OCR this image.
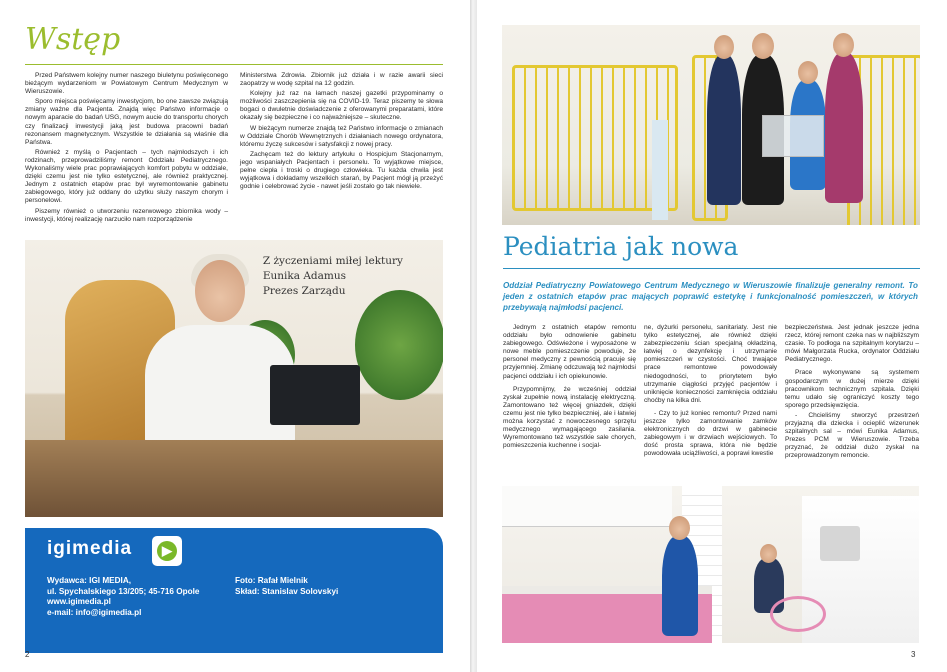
Wstęp

Przed Państwem kolejny numer naszego biuletynu poświęconego bieżącym wydarzeniom w Powiatowym Centrum Medycznym w Wieruszowie.

Sporo miejsca poświęcamy inwestycjom, bo one zawsze związują zmiany ważne dla Pacjenta. Znajdą więc Państwo informacje o nowym aparacie do badań USG, nowym aucie do transportu chorych czy finalizacji inwestycji jaką jest budowa pracowni badań rezonansem magnetycznym. Wszystkie te działania są właśnie dla Państwa.

Również z myślą o Pacjentach – tych najmłodszych i ich rodzinach, przeprowadziliśmy remont Oddziału Pediatrycznego. Wykonaliśmy wiele prac poprawiających komfort pobytu w oddziale, dzięki czemu jest nie tylko estetycznej, ale również praktycznej. Jednym z ostatnich etapów prac był wyremontowanie gabinetu zabiegowego, który już oddany do użytku służy naszym chorym i personelowi.

Piszemy również o utworzeniu rezerwowego zbiornika wody – inwestycji, której realizację narzuciło nam rozporządzenie

Ministerstwa Zdrowia. Zbiornik już działa i w razie awarii sieci zaopatrzy w wodę szpital na 12 godzin.

Kolejny już raz na łamach naszej gazetki przypominamy o możliwości zaszczepienia się na COVID-19. Teraz piszemy te słowa bogaci o dwuletnie doświadczenie z oferowanymi preparatami, które okazały się bezpieczne i co najważniejsze – skuteczne.

W bieżącym numerze znajdą też Państwo informacje o zmianach w Oddziale Chorób Wewnętrznych i działaniach nowego ordynatora, któremu życzę sukcesów i satysfakcji z nowej pracy.

Zachęcam też do lektury artykułu o Hospicjum Stacjonarnym, jego wspaniałych Pacjentach i personelu. To wyjątkowe miejsce, pełne ciepła i troski o drugiego człowieka. Tu każda chwila jest wyjątkowa i dokładamy wszelkich starań, by Pacjent mógł ją przeżyć godnie i celebrować życie - nawet jeśli zostało go tak niewiele.

Z życzeniami miłej lektury
Eunika Adamus
Prezes Zarządu
igimedia	▶
Wydawca: IGI MEDIA,
ul. Spychalskiego 13/205; 45-716 Opole
www.igimedia.pl
e-mail: info@igimedia.pl
Foto: Rafał Mielnik
Skład: Stanislav Solovskyi
2
Pediatria jak nowa
Oddział Pediatryczny Powiatowego Centrum Medycznego w Wieruszowie finalizuje generalny remont. To jeden z ostatnich etapów prac mających poprawić estetykę i funkcjonalność pomieszczeń, w których przebywają najmłodsi pacjenci.

Jednym z ostatnich etapów remontu oddziału było odnowienie gabinetu zabiegowego. Odświeżone i wyposażone w nowe meble pomieszczenie powoduje, że personel medyczny z pewnością pracuje się przyjemniej. Zmianę odczuwają też najmłodsi pacjenci oddziału i ich opiekunowie.

Przypomnijmy, że wcześniej oddział zyskał zupełnie nową instalację elektryczną. Zamontowano też więcej gniazdek, dzięki czemu jest nie tylko bezpieczniej, ale i łatwiej można korzystać z nowoczesnego sprzętu medycznego wymagającego zasilania. Wyremontowano też wszystkie sale chorych, pomieszczenia kuchenne i socjal-

ne, dyżurki personelu, sanitariaty. Jest nie tylko estetycznej, ale również dzięki zabezpieczeniu ścian specjalną okładziną, łatwiej o dezynfekcję i utrzymanie pomieszczeń w czystości. Choć trwające prace remontowe powodowały niedogodności, to priorytetem było utrzymanie ciągłości przyjęć pacjentów i uniknięcie konieczności zamknięcia oddziału choćby na kilka dni.

- Czy to już koniec remontu? Przed nami jeszcze tylko zamontowanie zamków elektronicznych do drzwi w gabinecie zabiegowym i w drzwiach wejściowych. To dość prosta sprawa, która nie będzie powodowała uciążliwości, a poprawi kwestie

bezpieczeństwa. Jest jednak jeszcze jedna rzecz, której remont czeka nas w najbliższym czasie. To podłoga na szpitalnym korytarzu – mówi Małgorzata Rucka, ordynator Oddziału Pediatrycznego.

Prace wykonywane są systemem gospodarczym w dużej mierze dzięki pracownikom technicznym szpitala. Dzięki temu udało się ograniczyć koszty tego sporego przedsięwzięcia.

- Chcieliśmy stworzyć przestrzeń przyjazną dla dziecka i ocieplić wizerunek szpitalnych sal – mówi Eunika Adamus, Prezes PCM w Wieruszowie. Trzeba przyznać, że oddział dużo zyskał na przeprowadzonym remoncie.

3
